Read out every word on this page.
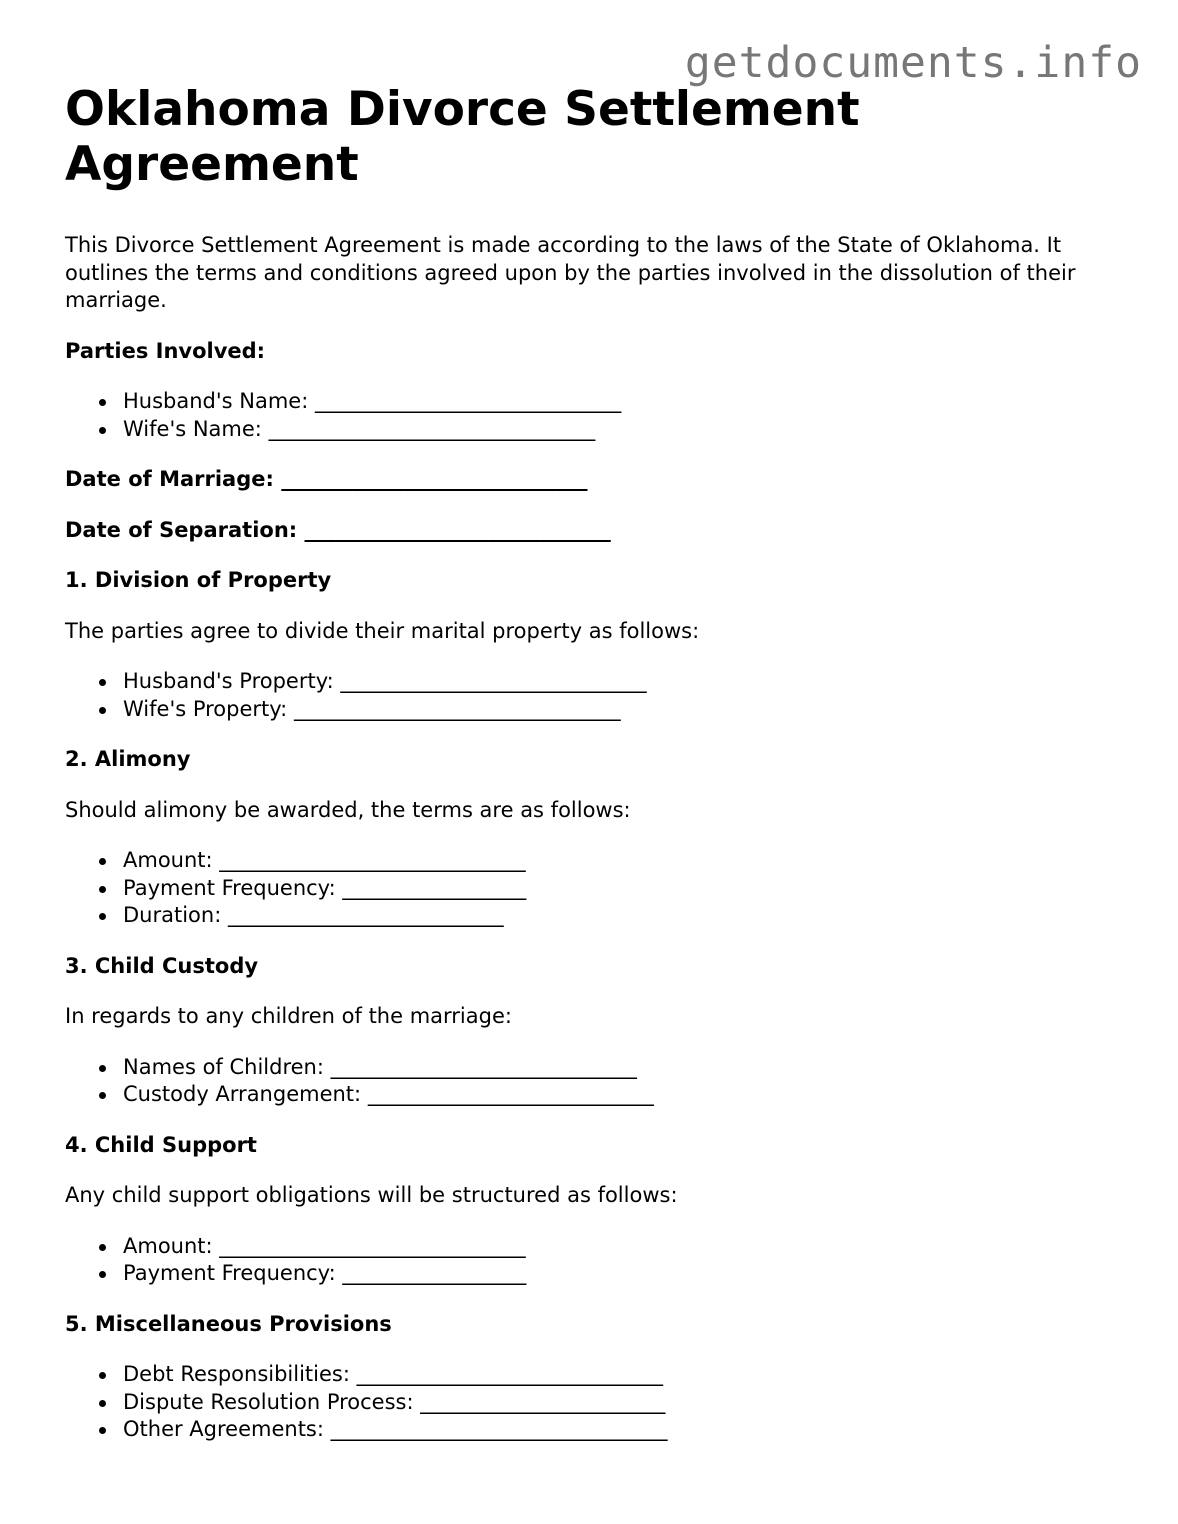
getdocuments.info
Oklahoma Divorce Settlement Agreement

This Divorce Settlement Agreement is made according to the laws of the State of Oklahoma. It outlines the terms and conditions agreed upon by the parties involved in the dissolution of their marriage.

Parties Involved:

Husband's Name: ______________________________
Wife's Name: ________________________________

Date of Marriage: ______________________________

Date of Separation: ______________________________

1. Division of Property

The parties agree to divide their marital property as follows:

Husband's Property: ______________________________
Wife's Property: ________________________________

2. Alimony

Should alimony be awarded, the terms are as follows:

Amount: ______________________________
Payment Frequency: __________________
Duration: ___________________________

3. Child Custody

In regards to any children of the marriage:

Names of Children: ______________________________
Custody Arrangement: ____________________________

4. Child Support

Any child support obligations will be structured as follows:

Amount: ______________________________
Payment Frequency: __________________

5. Miscellaneous Provisions

Debt Responsibilities: ______________________________
Dispute Resolution Process: ________________________
Other Agreements: _________________________________
